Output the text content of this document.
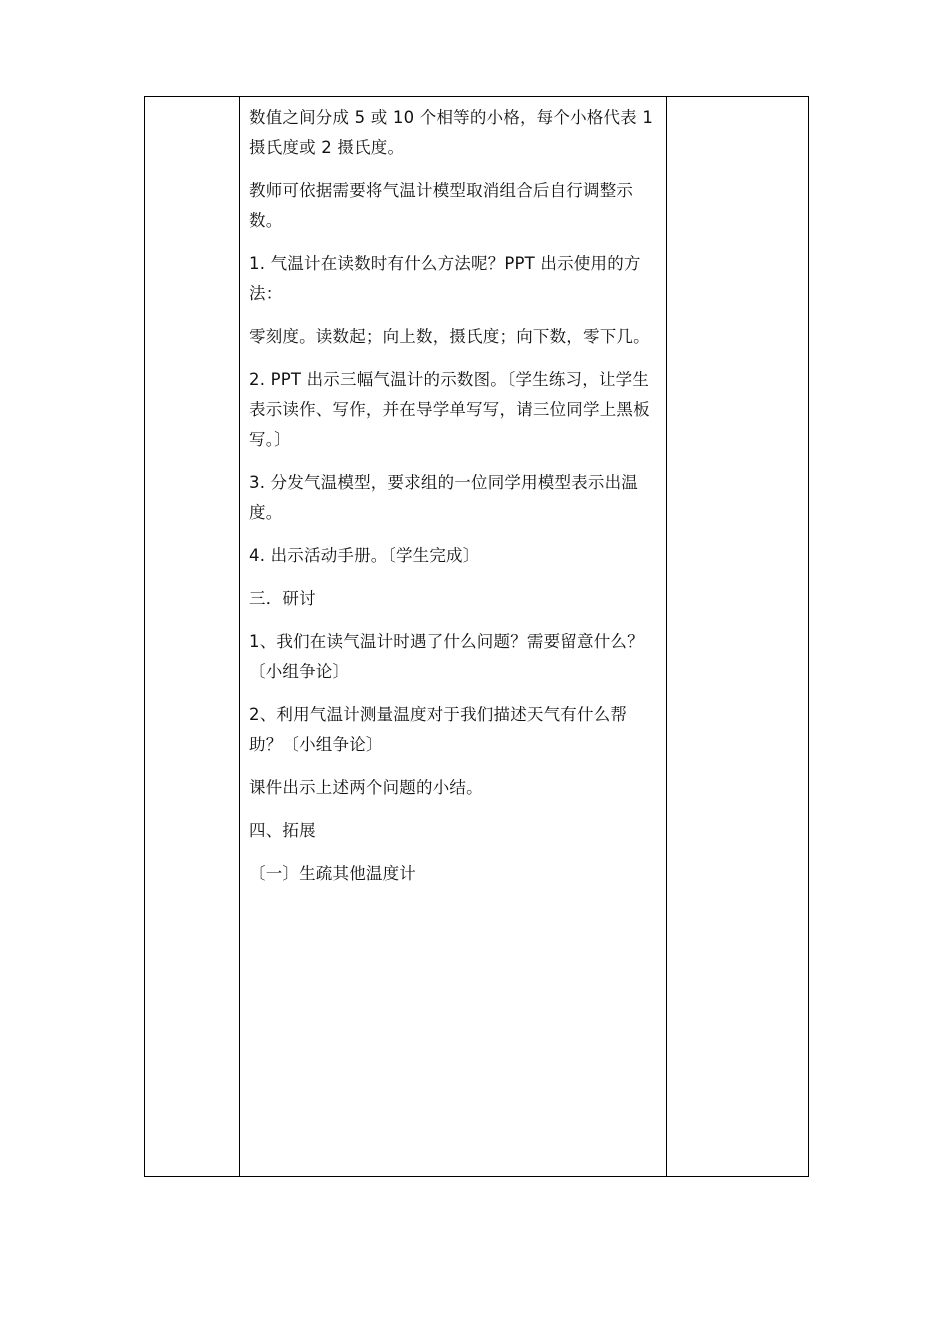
数值之间分成 5 或 10 个相等的小格，每个小格代表 1 摄氏度或 2 摄氏度。

教师可依据需要将气温计模型取消组合后自行调整示数。

1. 气温计在读数时有什么方法呢？PPT 出示使用的方法：

零刻度。读数起；向上数，摄氏度；向下数，零下几。

2. PPT 出示三幅气温计的示数图。〔学生练习，让学生表示读作、写作，并在导学单写写，请三位同学上黑板写。〕

3. 分发气温模型，要求组的一位同学用模型表示出温度。

4. 出示活动手册。〔学生完成〕

三．研讨

1、我们在读气温计时遇了什么问题？需要留意什么？〔小组争论〕

2、利用气温计测量温度对于我们描述天气有什么帮助？〔小组争论〕

课件出示上述两个问题的小结。

四、拓展

〔一〕生疏其他温度计
